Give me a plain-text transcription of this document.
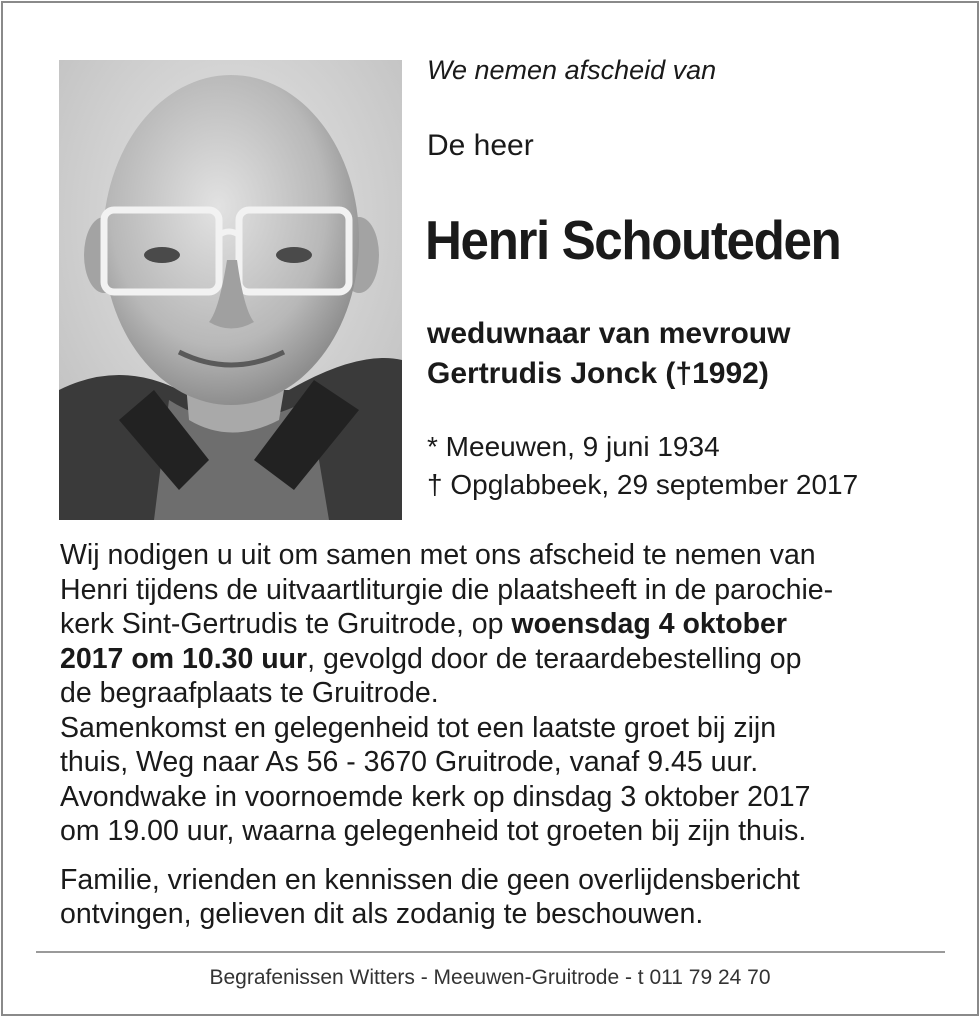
We nemen afscheid van
De heer
Henri Schouteden
weduwnaar van mevrouw
Gertrudis Jonck (†1992)
* Meeuwen, 9 juni 1934
† Opglabbeek, 29 september 2017

Wij nodigen u uit om samen met ons afscheid te nemen van

Henri tijdens de uitvaartliturgie die plaatsheeft in de parochie-

kerk Sint-Gertrudis te Gruitrode, op woensdag 4 oktober

2017 om 10.30 uur, gevolgd door de teraardebestelling op

de begraafplaats te Gruitrode.

Samenkomst en gelegenheid tot een laatste groet bij zijn

thuis, Weg naar As 56 - 3670 Gruitrode, vanaf 9.45 uur.

Avondwake in voornoemde kerk op dinsdag 3 oktober 2017

om 19.00 uur, waarna gelegenheid tot groeten bij zijn thuis.

Familie, vrienden en kennissen die geen overlijdensbericht

ontvingen, gelieven dit als zodanig te beschouwen.

Begrafenissen Witters - Meeuwen-Gruitrode - t 011 79 24 70
